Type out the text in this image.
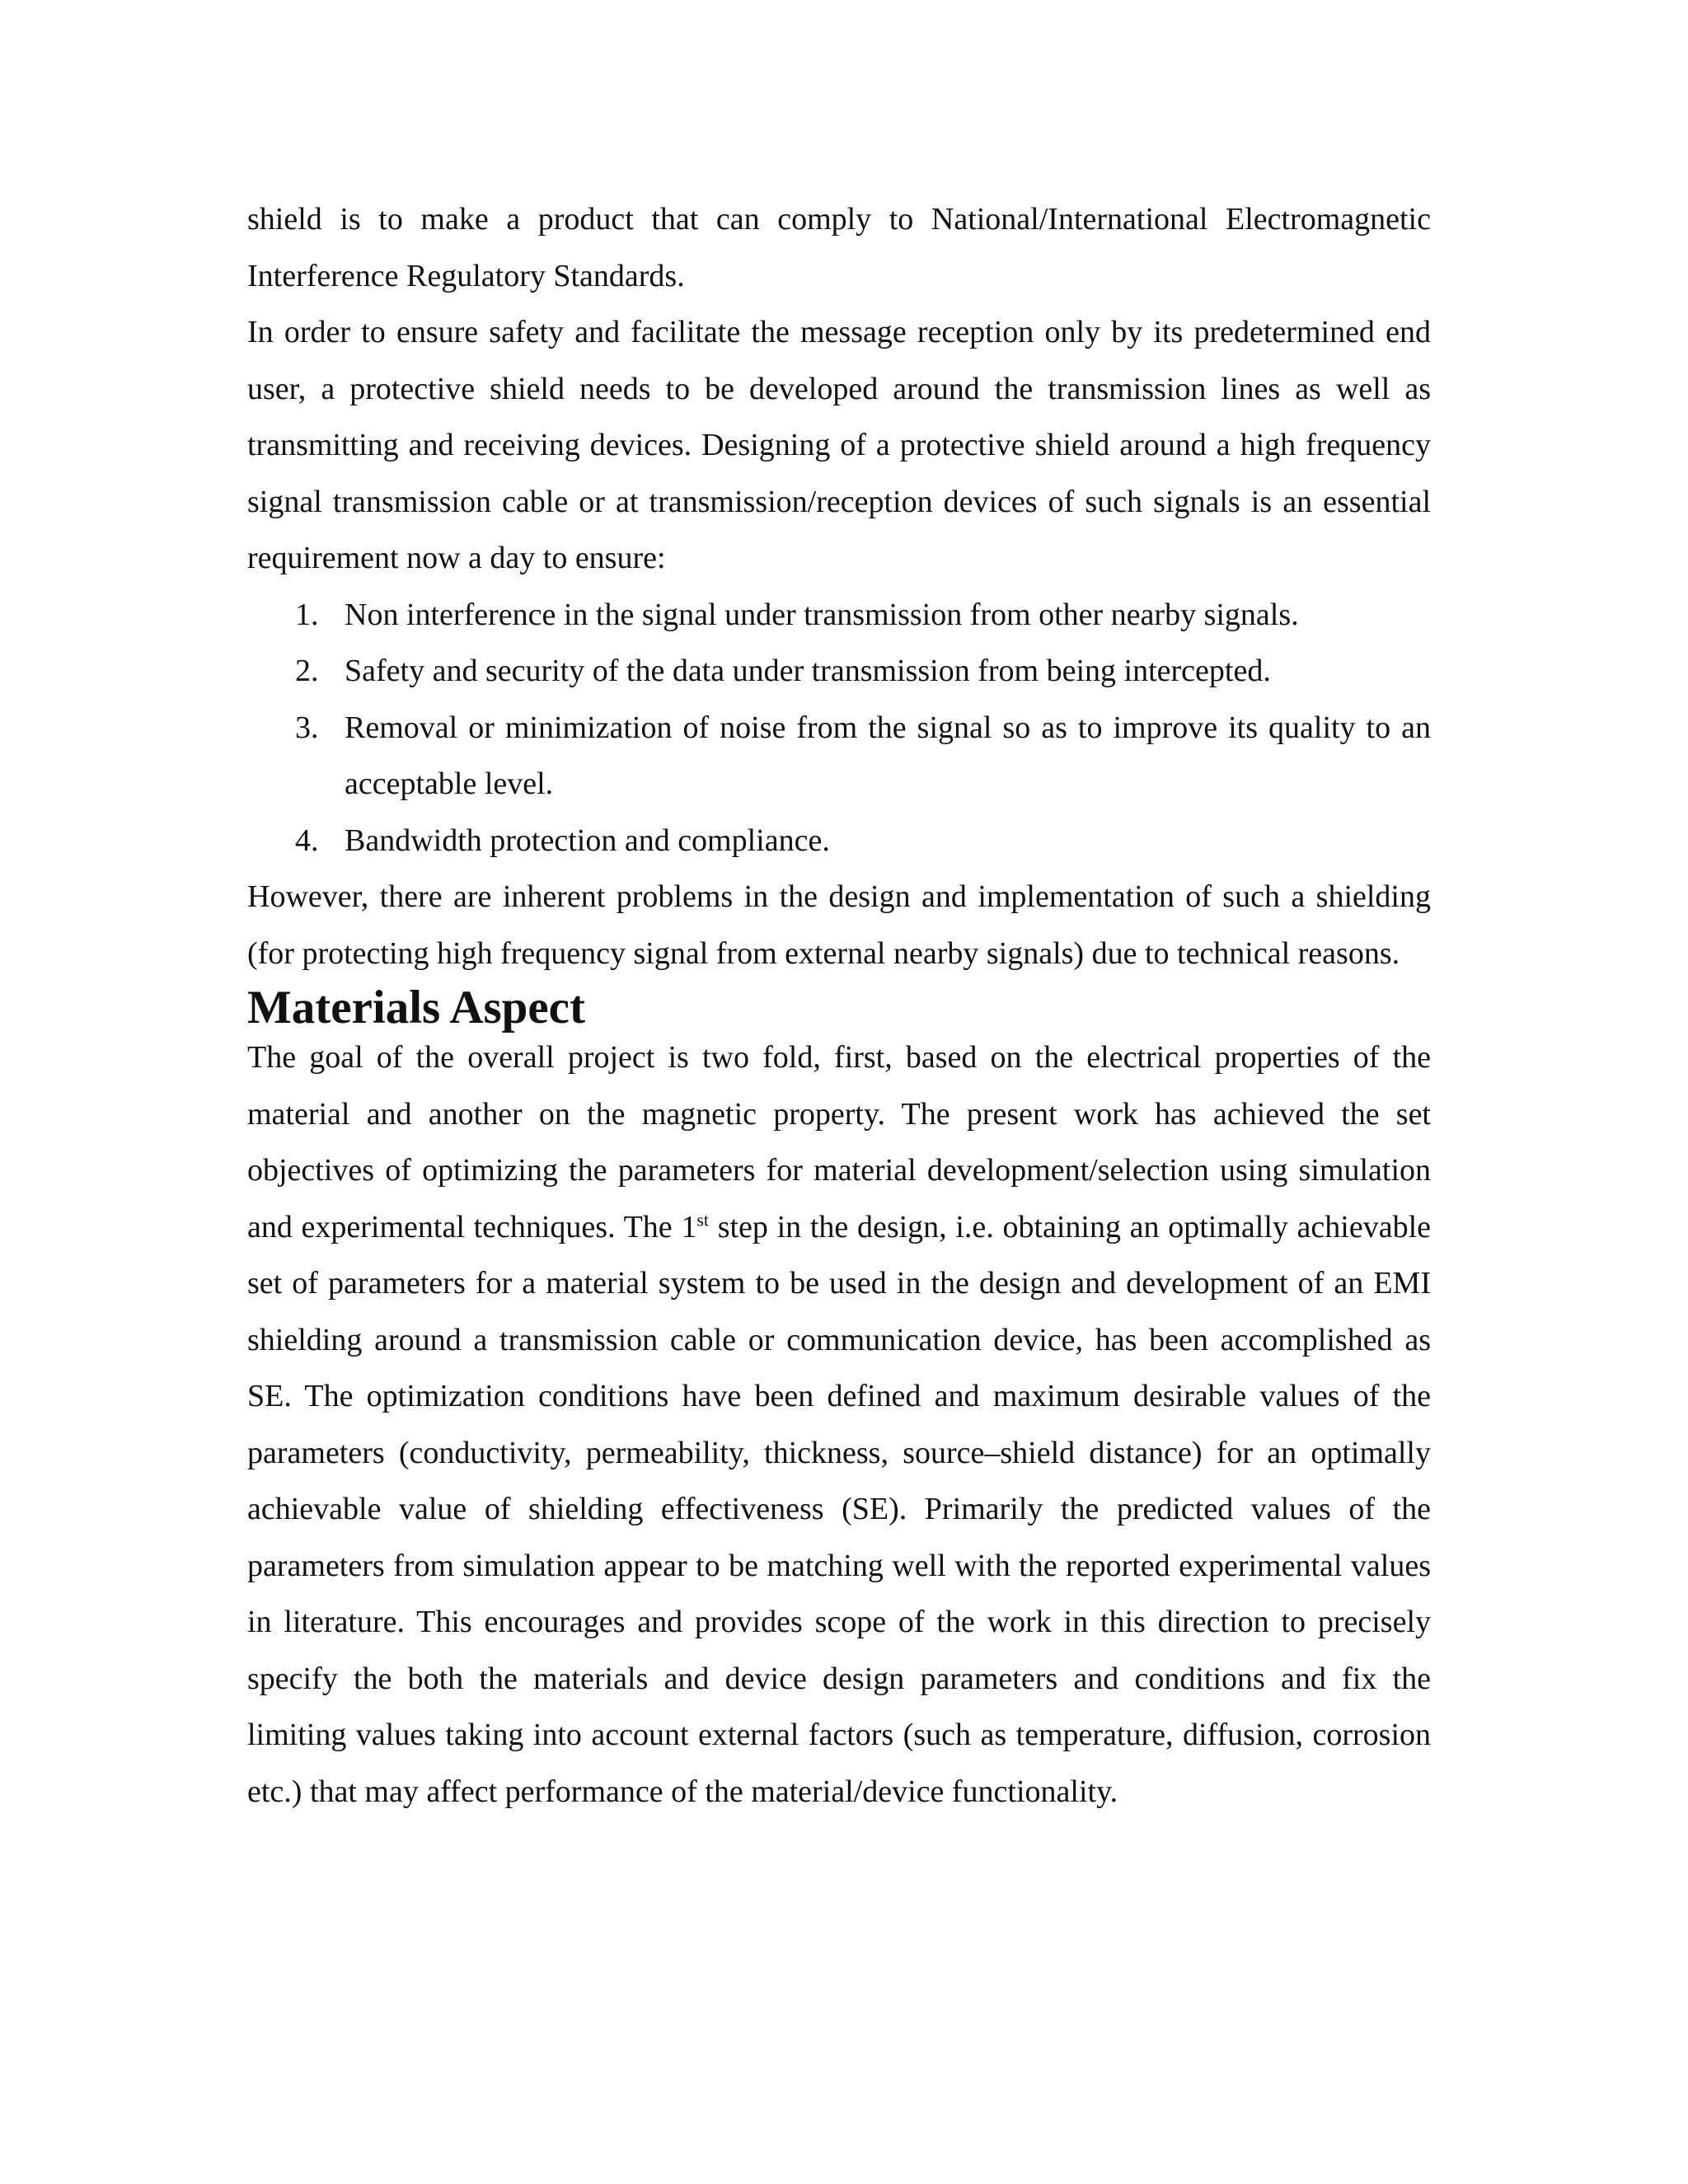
shield is to make a product that can comply to National/International Electromagnetic Interference Regulatory Standards.

In order to ensure safety and facilitate the message reception only by its predetermined end user, a protective shield needs to be developed around the transmission lines as well as transmitting and receiving devices. Designing of a protective shield around a high frequency signal transmission cable or at transmission/reception devices of such signals is an essential requirement now a day to ensure:

1. Non interference in the signal under transmission from other nearby signals.
2. Safety and security of the data under transmission from being intercepted.
3. Removal or minimization of noise from the signal so as to improve its quality to an acceptable level.
4. Bandwidth protection and compliance.

However, there are inherent problems in the design and implementation of such a shielding (for protecting high frequency signal from external nearby signals) due to technical reasons.

Materials Aspect

The goal of the overall project is two fold, first, based on the electrical properties of the material and another on the magnetic property. The present work has achieved the set objectives of optimizing the parameters for material development/selection using simulation and experimental techniques. The 1st step in the design, i.e. obtaining an optimally achievable set of parameters for a material system to be used in the design and development of an EMI shielding around a transmission cable or communication device, has been accomplished as SE. The optimization conditions have been defined and maximum desirable values of the parameters (conductivity, permeability, thickness, source–shield distance) for an optimally achievable value of shielding effectiveness (SE). Primarily the predicted values of the parameters from simulation appear to be matching well with the reported experimental values in literature. This encourages and provides scope of the work in this direction to precisely specify the both the materials and device design parameters and conditions and fix the limiting values taking into account external factors (such as temperature, diffusion, corrosion etc.) that may affect performance of the material/device functionality.
